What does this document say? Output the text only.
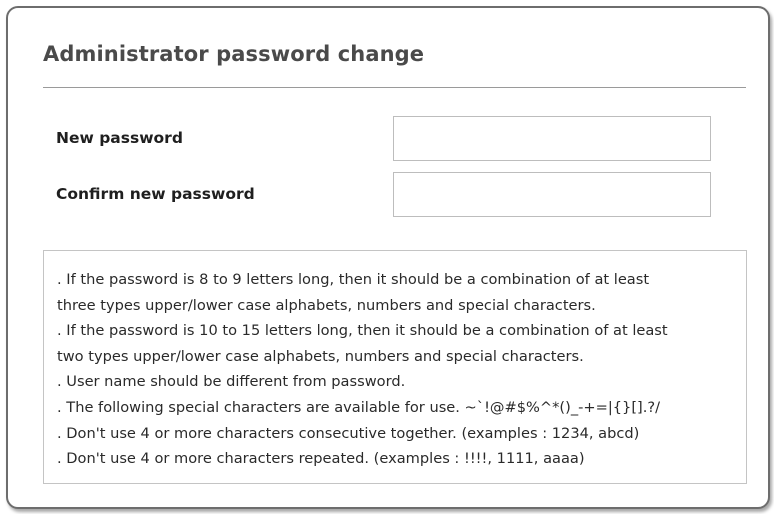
Administrator password change
New password
Confirm new password
. If the password is 8 to 9 letters long, then it should be a combination of at least
three types upper/lower case alphabets, numbers and special characters.
. If the password is 10 to 15 letters long, then it should be a combination of at least
two types upper/lower case alphabets, numbers and special characters.
. User name should be different from password.
. The following special characters are available for use. ~`!@#$%^*()_-+=|{}[].?/
. Don't use 4 or more characters consecutive together. (examples : 1234, abcd)
. Don't use 4 or more characters repeated. (examples : !!!!, 1111, aaaa)
